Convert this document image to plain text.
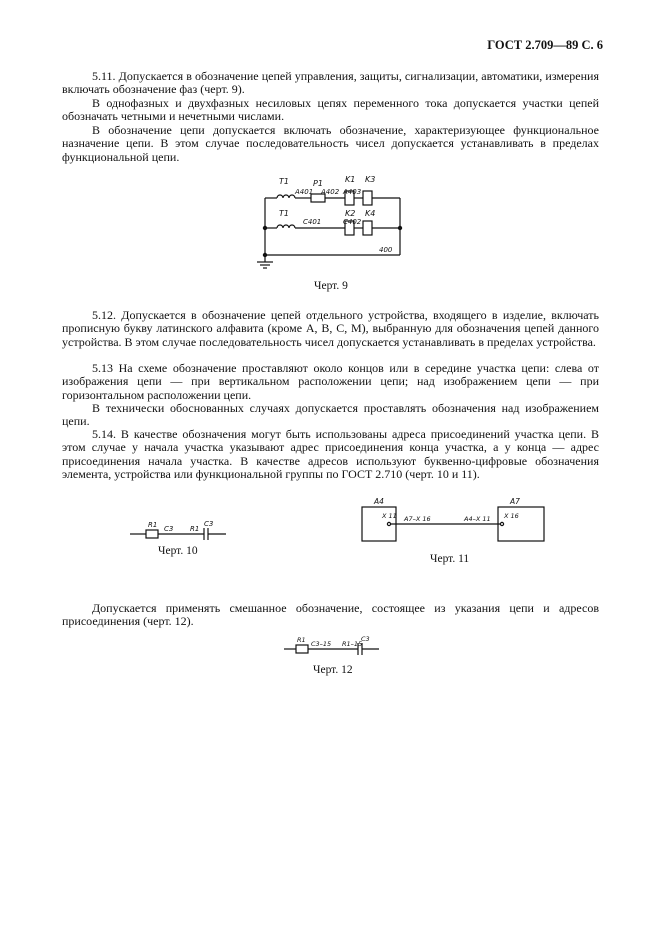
ГОСТ 2.709—89 С. 6

5.11. Допускается в обозначение цепей управления, защиты, сигнализации, автоматики, измерения включать обозначение фаз (черт. 9).

В однофазных и двухфазных несиловых цепях переменного тока допускается участки цепей обозначать четными и нечетными числами.

В обозначение цепи допускается включать обозначение, характеризующее функциональное назначение цепи. В этом случае последовательность чисел допускается устанавливать в пределах функциональной цепи.

T1	P1	K1 K3
A401 A402 A403
T1	K2 K4
C401	C402
400
Черт. 9

5.12. Допускается в обозначение цепей отдельного устройства, входящего в изделие, включать прописную букву латинского алфавита (кроме А, В, С, М), выбранную для обозначения цепей данного устройства. В этом случае последовательность чисел допускается устанавливать в пределах устройства.

5.13 На схеме обозначение проставляют около концов или в середине участка цепи: слева от изображения цепи — при вертикальном расположении цепи; над изображением цепи — при горизонтальном расположении цепи.

В технически обоснованных случаях допускается проставлять обозначения над изображением цепи.

5.14. В качестве обозначения могут быть использованы адреса присоединений участка цепи. В этом случае у начала участка указывают адрес присоединения конца участка, а у конца — адрес присоединения начала участка. В качестве адресов используют буквенно-цифровые обозначения элемента, устройства или функциональной группы по ГОСТ 2.710 (черт. 10 и 11).

R1 C3 R1
C3
Черт. 10
A4	A7
X 11	X 16
A7–X 16	A4–X 11
Черт. 11

Допускается применять смешанное обозначение, состоящее из указания цепи и адресов присоединения (черт. 12).

R1 C3–15 R1–15
C3
Черт. 12
